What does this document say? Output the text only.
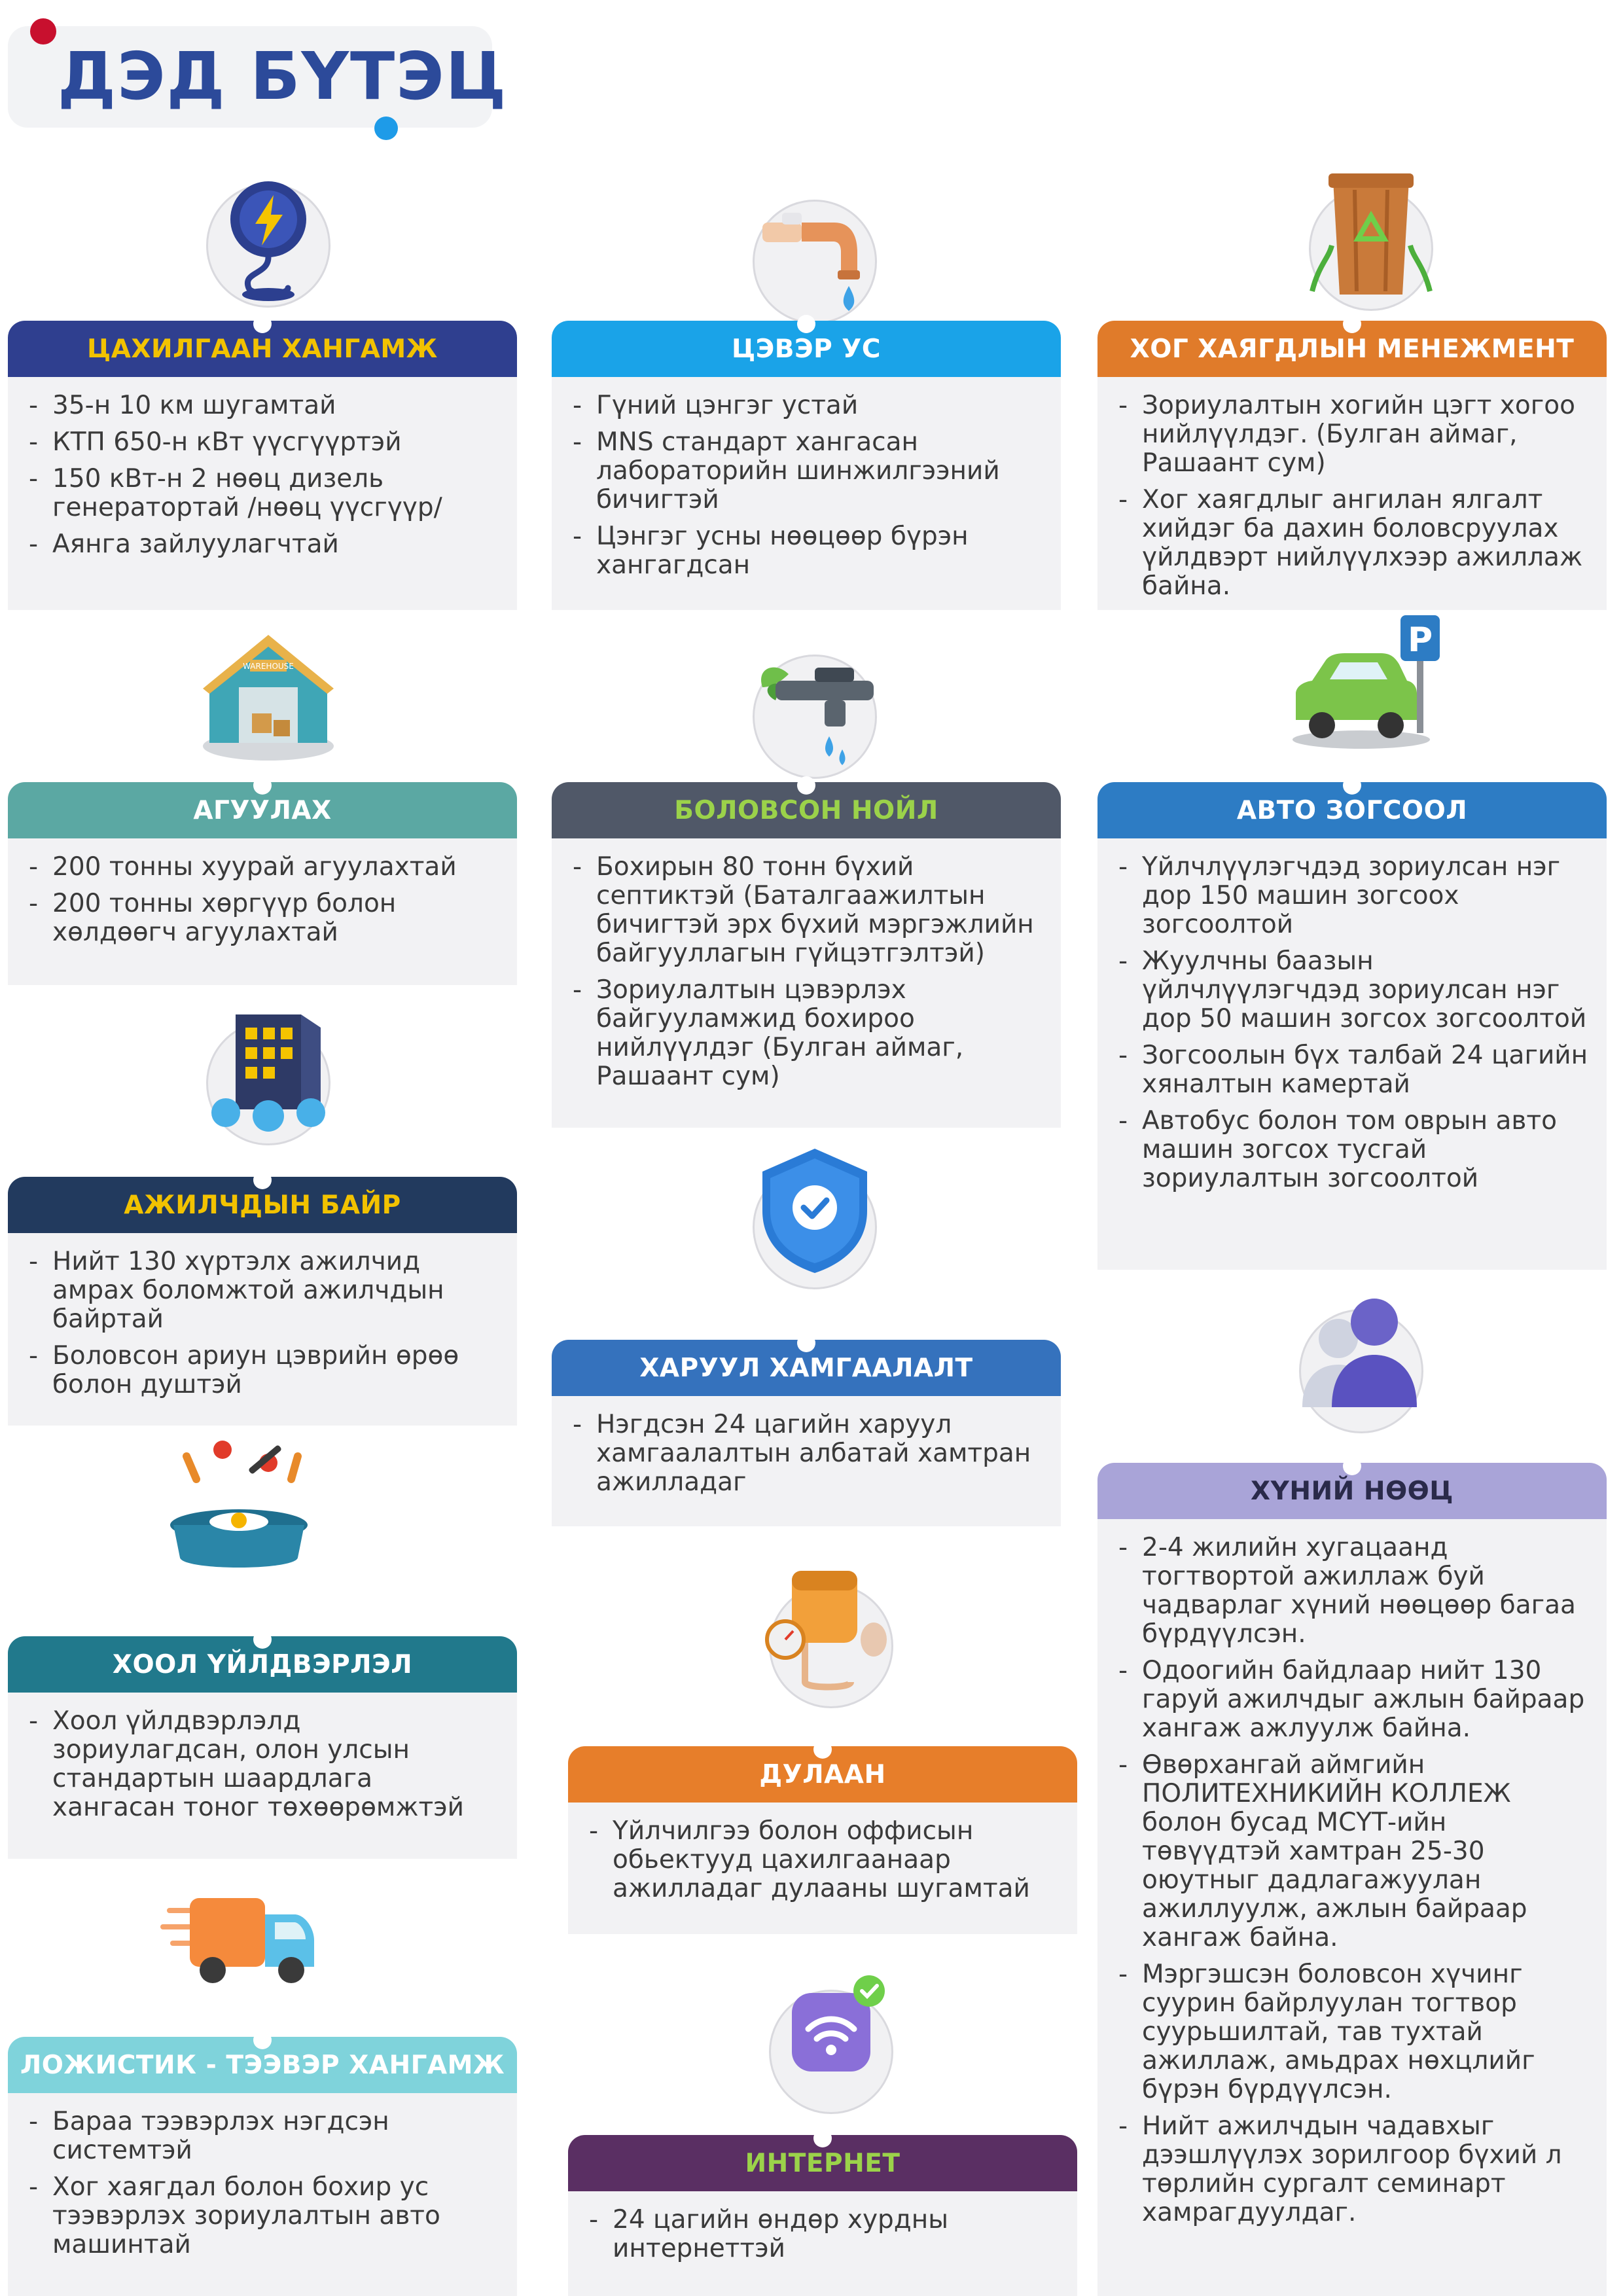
ДЭД БҮТЭЦ
WAREHOUSE
P
ЦАХИЛГААН ХАНГАМЖ
- 35-н 10 км шугамтай
- КТП 650-н кВт үүсгүүртэй
- 150 кВт-н 2 нөөц дизель генератортай /нөөц үүсгүүр/
- Аянга зайлуулагчтай
АГУУЛАХ
- 200 тонны хуурай агуулахтай
- 200 тонны хөргүүр болон хөлдөөгч агуулахтай
АЖИЛЧДЫН БАЙР
- Нийт 130 хүртэлх ажилчид амрах боломжтой ажилчдын байртай
- Боловсон ариун цэврийн өрөө болон душтэй
ХООЛ ҮЙЛДВЭРЛЭЛ
- Хоол үйлдвэрлэлд зориулагдсан, олон улсын стандартын шаардлага хангасан тоног төхөөрөмжтэй
ЛОЖИСТИК - ТЭЭВЭР ХАНГАМЖ
- Бараа тээвэрлэх нэгдсэн системтэй
- Хог хаягдал болон бохир ус тээвэрлэх зориулалтын авто машинтай
ЦЭВЭР УС
- Гүний цэнгэг устай
- MNS стандарт хангасан лабораторийн шинжилгээний бичигтэй
- Цэнгэг усны нөөцөөр бүрэн хангагдсан
БОЛОВСОН НОЙЛ
- Бохирын 80 тонн бүхий септиктэй (Баталгаажилтын бичигтэй эрх бүхий мэргэжлийн байгууллагын гүйцэтгэлтэй)
- Зориулалтын цэвэрлэх байгууламжид бохироо нийлүүлдэг (Булган аймаг, Рашаант сум)
ХАРУУЛ ХАМГААЛАЛТ
- Нэгдсэн 24 цагийн харуул хамгаалалтын албатай хамтран ажилладаг
ДУЛААН
- Үйлчилгээ болон оффисын обьектууд цахилгаанаар ажилладаг дулааны шугамтай
ИНТЕРНЕТ
- 24 цагийн өндөр хурдны интернеттэй
ХОГ ХАЯГДЛЫН МЕНЕЖМЕНТ
- Зориулалтын хогийн цэгт хогоо нийлүүлдэг. (Булган аймаг, Рашаант сум)
- Хог хаягдлыг ангилан ялгалт хийдэг ба дахин боловсруулах үйлдвэрт нийлүүлхээр ажиллаж байна.
АВТО ЗОГСООЛ
- Үйлчлүүлэгчдэд зориулсан нэг дор 150 машин зогсоох зогсоолтой
- Жуулчны баазын үйлчлүүлэгчдэд зориулсан нэг дор 50 машин зогсох зогсоолтой
- Зогсоолын бүх талбай 24 цагийн хяналтын камертай
- Автобус болон том оврын авто машин зогсох тусгай зориулалтын зогсоолтой
ХҮНИЙ НӨӨЦ
- 2-4 жилийн хугацаанд тогтвортой ажиллаж буй чадварлаг хүний нөөцөөр багаа бүрдүүлсэн.
- Одоогийн байдлаар нийт 130 гаруй ажилчдыг ажлын байраар хангаж ажлуулж байна.
- Өвөрхангай аймгийн ПОЛИТЕХНИКИЙН КОЛЛЕЖ болон бусад МСҮТ-ийн төвүүдтэй хамтран 25-30 оюутныг дадлагажуулан ажиллуулж, ажлын байраар хангаж байна.
- Мэргэшсэн боловсон хүчинг суурин байрлуулан тогтвор суурьшилтай, тав тухтай ажиллаж, амьдрах нөхцлийг бүрэн бүрдүүлсэн.
- Нийт ажилчдын чадавхыг дээшлүүлэх зорилгоор бүхий л төрлийн сургалт семинарт хамрагдуулдаг.
